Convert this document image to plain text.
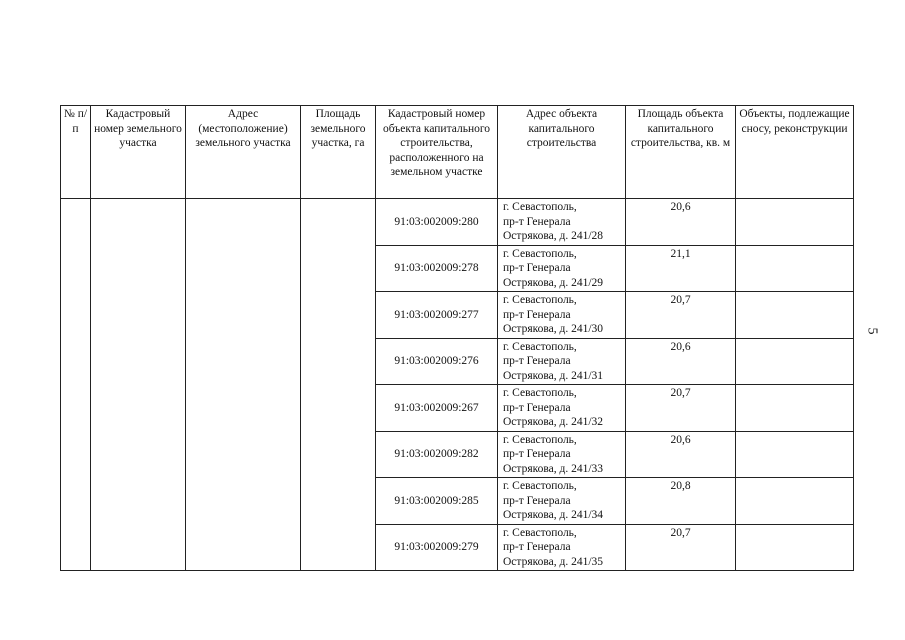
№ п/п	Кадастровый номер земельного участка	Адрес (местоположение) земельного участка	Площадь земельного участка, га	Кадастровый номер объекта капитального строительства, расположенного на земельном участке	Адрес объекта капитального строительства	Площадь объекта капитального строительства, кв. м	Объекты, подлежащие сносу, реконструкции
				91:03:002009:280	г. Севастополь,
пр-т Генерала
Острякова, д. 241/28	20,6	
				91:03:002009:278	г. Севастополь,
пр-т Генерала
Острякова, д. 241/29	21,1	
				91:03:002009:277	г. Севастополь,
пр-т Генерала
Острякова, д. 241/30	20,7	
				91:03:002009:276	г. Севастополь,
пр-т Генерала
Острякова, д. 241/31	20,6	
				91:03:002009:267	г. Севастополь,
пр-т Генерала
Острякова, д. 241/32	20,7	
				91:03:002009:282	г. Севастополь,
пр-т Генерала
Острякова, д. 241/33	20,6	
				91:03:002009:285	г. Севастополь,
пр-т Генерала
Острякова, д. 241/34	20,8	
				91:03:002009:279	г. Севастополь,
пр-т Генерала
Острякова, д. 241/35	20,7	
5
